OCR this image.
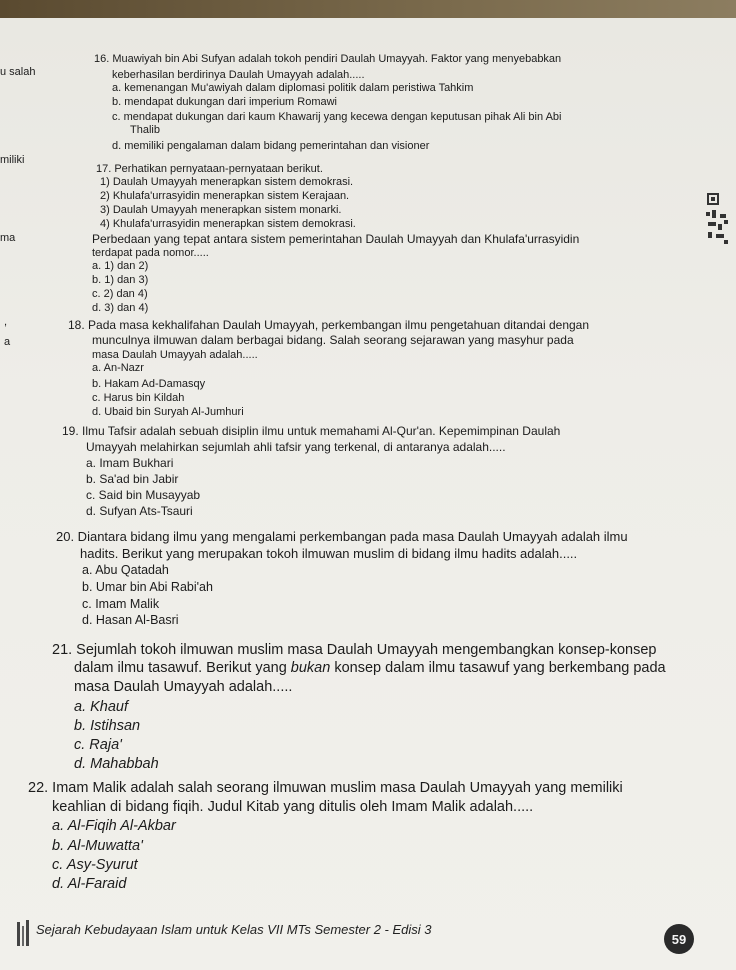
u salah
miliki
ma
,
a
16. Muawiyah bin Abi Sufyan adalah tokoh pendiri Daulah Umayyah. Faktor yang menyebabkan
keberhasilan berdirinya Daulah Umayyah adalah.....
a. kemenangan Mu'awiyah dalam diplomasi politik dalam peristiwa Tahkim
b. mendapat dukungan dari imperium Romawi
c. mendapat dukungan dari kaum Khawarij yang kecewa dengan keputusan pihak Ali bin Abi
Thalib
d. memiliki pengalaman dalam bidang pemerintahan dan visioner
17. Perhatikan pernyataan-pernyataan berikut.
1) Daulah Umayyah menerapkan sistem demokrasi.
2) Khulafa'urrasyidin menerapkan sistem Kerajaan.
3) Daulah Umayyah menerapkan sistem monarki.
4) Khulafa'urrasyidin menerapkan sistem demokrasi.
Perbedaan yang tepat antara sistem pemerintahan Daulah Umayyah dan Khulafa'urrasyidin
terdapat pada nomor.....
a. 1) dan 2)
b. 1) dan 3)
c. 2) dan 4)
d. 3) dan 4)
18. Pada masa kekhalifahan Daulah Umayyah, perkembangan ilmu pengetahuan ditandai dengan
munculnya ilmuwan dalam berbagai bidang. Salah seorang sejarawan yang masyhur pada
masa Daulah Umayyah adalah.....
a. An-Nazr
b. Hakam Ad-Damasqy
c. Harus bin Kildah
d. Ubaid bin Suryah Al-Jumhuri
19. Ilmu Tafsir adalah sebuah disiplin ilmu untuk memahami Al-Qur'an. Kepemimpinan Daulah
Umayyah melahirkan sejumlah ahli tafsir yang terkenal, di antaranya adalah.....
a. Imam Bukhari
b. Sa'ad bin Jabir
c. Said bin Musayyab
d. Sufyan Ats-Tsauri
20. Diantara bidang ilmu yang mengalami perkembangan pada masa Daulah Umayyah adalah ilmu
hadits. Berikut yang merupakan tokoh ilmuwan muslim di bidang ilmu hadits adalah.....
a. Abu Qatadah
b. Umar bin Abi Rabi'ah
c. Imam Malik
d. Hasan Al-Basri
21. Sejumlah tokoh ilmuwan muslim masa Daulah Umayyah mengembangkan konsep-konsep
dalam ilmu tasawuf. Berikut yang bukan konsep dalam ilmu tasawuf yang berkembang pada
masa Daulah Umayyah adalah.....
a. Khauf
b. Istihsan
c. Raja'
d. Mahabbah
22. Imam Malik adalah salah seorang ilmuwan muslim masa Daulah Umayyah yang memiliki
keahlian di bidang fiqih. Judul Kitab yang ditulis oleh Imam Malik adalah.....
a. Al-Fiqih Al-Akbar
b. Al-Muwatta'
c. Asy-Syurut
d. Al-Faraid
Sejarah Kebudayaan Islam untuk Kelas VII MTs Semester 2 - Edisi 3
59
